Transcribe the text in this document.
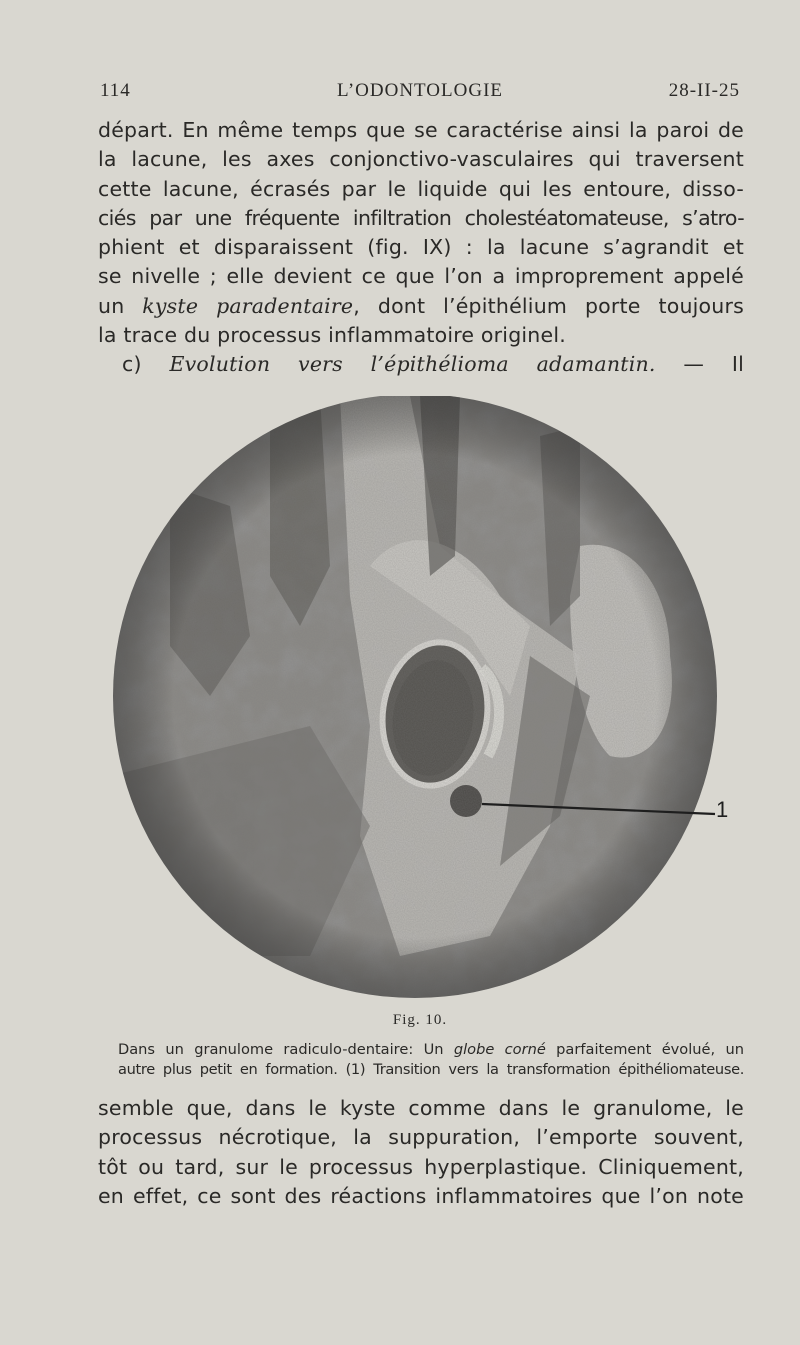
114	L’ODONTOLOGIE	28-II-25
départ. En même temps que se caractérise ainsi la paroi de
la lacune, les axes conjonctivo-vasculaires qui traversent
cette lacune, écrasés par le liquide qui les entoure, disso-
ciés par une fréquente infiltration cholestéatomateuse, s’atro-
phient et disparaissent (fig. IX) : la lacune s’agrandit et
se nivelle ; elle devient ce que l’on a improprement appelé
un kyste paradentaire, dont l’épithélium porte toujours
la trace du processus inflammatoire originel.
c) Evolution vers l’épithélioma adamantin. — Il
1
Fig. 10.
Dans un granulome radiculo-dentaire: Un globe corné parfaitement évolué, un
autre plus petit en formation. (1) Transition vers la transformation épithéliomateuse.
semble que, dans le kyste comme dans le granulome, le
processus nécrotique, la suppuration, l’emporte souvent,
tôt ou tard, sur le processus hyperplastique. Cliniquement,
en effet, ce sont des réactions inflammatoires que l’on note
